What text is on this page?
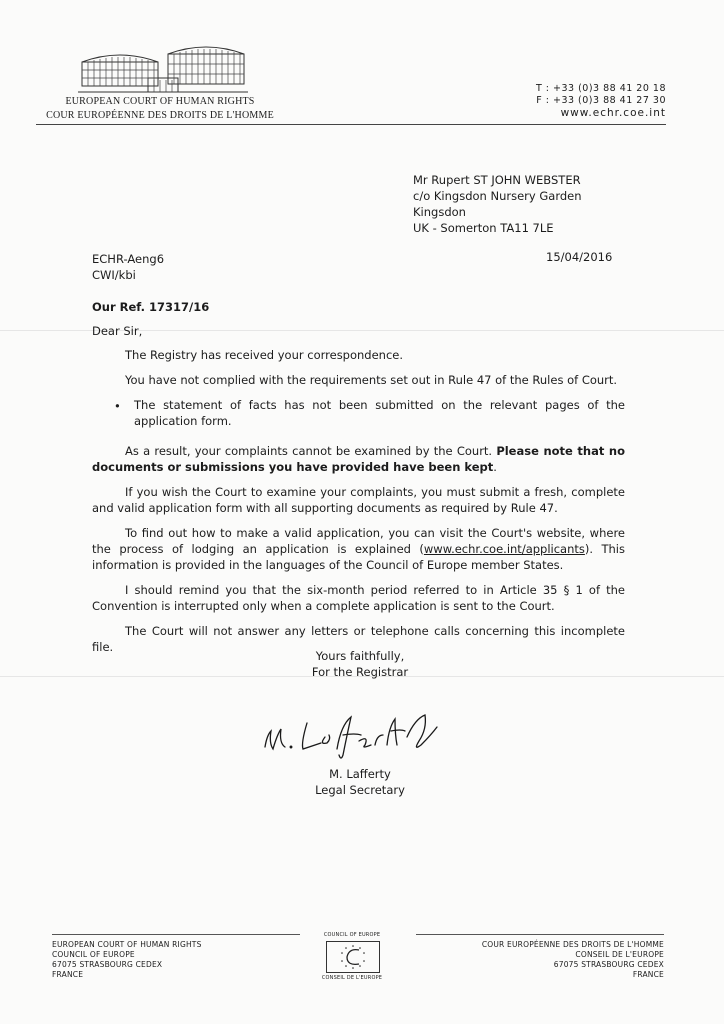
EUROPEAN COURT OF HUMAN RIGHTS
COUR EUROPÉENNE DES DROITS DE L'HOMME
T : +33 (0)3 88 41 20 18
F : +33 (0)3 88 41 27 30
www.echr.coe.int
Mr Rupert ST JOHN WEBSTER
c/o Kingsdon Nursery Garden
Kingsdon
UK - Somerton TA11 7LE
ECHR-Aeng6
CWI/kbi
15/04/2016
Our Ref. 17317/16
Dear Sir,
The Registry has received your correspondence.
You have not complied with the requirements set out in Rule 47 of the Rules of Court.
• The statement of facts has not been submitted on the relevant pages of the application form.
As a result, your complaints cannot be examined by the Court. Please note that no documents or submissions you have provided have been kept.
If you wish the Court to examine your complaints, you must submit a fresh, complete and valid application form with all supporting documents as required by Rule 47.
To find out how to make a valid application, you can visit the Court's website, where the process of lodging an application is explained (www.echr.coe.int/applicants). This information is provided in the languages of the Council of Europe member States.
I should remind you that the six-month period referred to in Article 35 § 1 of the Convention is interrupted only when a complete application is sent to the Court.
The Court will not answer any letters or telephone calls concerning this incomplete file.
Yours faithfully,
For the Registrar
M. Lafferty
Legal Secretary
EUROPEAN COURT OF HUMAN RIGHTS
COUNCIL OF EUROPE
67075 STRASBOURG CEDEX
FRANCE
COUNCIL OF EUROPE
CONSEIL DE L'EUROPE
COUR EUROPÉENNE DES DROITS DE L'HOMME
CONSEIL DE L'EUROPE
67075 STRASBOURG CEDEX
FRANCE
